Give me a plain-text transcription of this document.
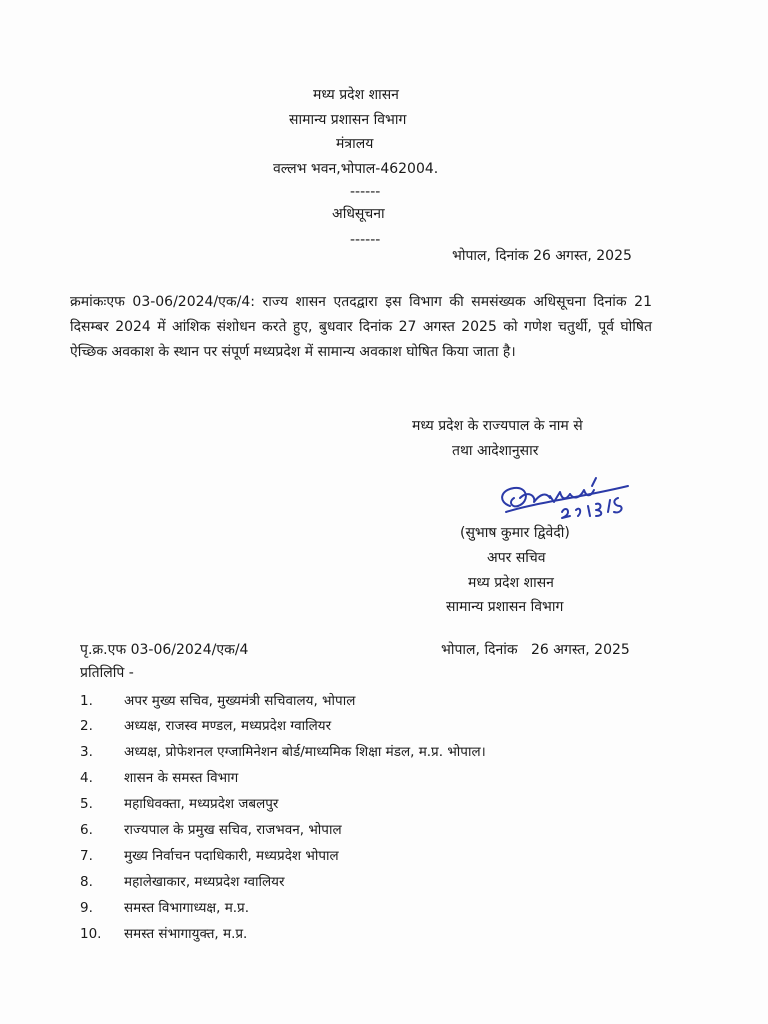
मध्य प्रदेश शासन
सामान्य प्रशासन विभाग
मंत्रालय
वल्लभ भवन,भोपाल-462004.
------
अधिसूचना
------
भोपाल, दिनांक 26 अगस्त, 2025
क्रमांकःएफ 03-06/2024/एक/4: राज्य शासन एतदद्वारा इस विभाग की समसंख्यक अधिसूचना दिनांक 21 दिसम्बर 2024 में आंशिक संशोधन करते हुए, बुधवार दिनांक 27 अगस्त 2025 को गणेश चतुर्थी, पूर्व घोषित ऐच्छिक अवकाश के स्थान पर संपूर्ण मध्यप्रदेश में सामान्य अवकाश घोषित किया जाता है।
मध्य प्रदेश के राज्यपाल के नाम से
तथा आदेशानुसार
(सुभाष कुमार द्विवेदी)
अपर सचिव
मध्य प्रदेश शासन
सामान्य प्रशासन विभाग
पृ.क्र.एफ 03-06/2024/एक/4	भोपाल, दिनांक   26 अगस्त, 2025
प्रतिलिपि -
1. अपर मुख्य सचिव, मुख्यमंत्री सचिवालय, भोपाल
2. अध्यक्ष, राजस्व मण्डल, मध्यप्रदेश ग्वालियर
3. अध्यक्ष, प्रोफेशनल एग्जामिनेशन बोर्ड/माध्यमिक शिक्षा मंडल, म.प्र. भोपाल।
4. शासन के समस्त विभाग
5. महाधिवक्ता, मध्यप्रदेश जबलपुर
6. राज्यपाल के प्रमुख सचिव, राजभवन, भोपाल
7. मुख्य निर्वाचन पदाधिकारी, मध्यप्रदेश भोपाल
8. महालेखाकार, मध्यप्रदेश ग्वालियर
9. समस्त विभागाध्यक्ष, म.प्र.
10. समस्त संभागायुक्त, म.प्र.
